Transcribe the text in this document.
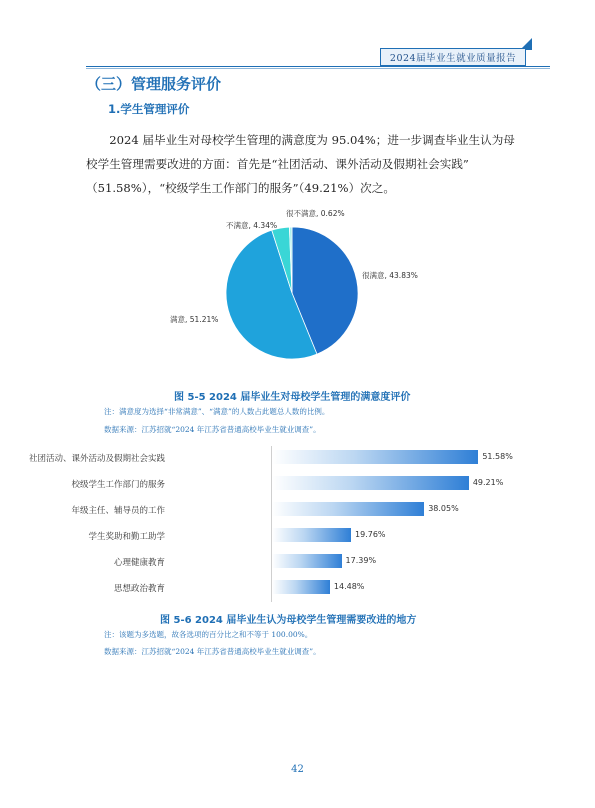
2024届毕业生就业质量报告
（三）管理服务评价
1.学生管理评价

2024 届毕业生对母校学生管理的满意度为 95.04%；进一步调查毕业生认为母

校学生管理需要改进的方面：首先是“社团活动、课外活动及假期社会实践”

（51.58%），“校级学生工作部门的服务”（49.21%）次之。

很不满意, 0.62%
不满意, 4.34%
很满意, 43.83%
满意, 51.21%
图 5-5 2024 届毕业生对母校学生管理的满意度评价
注：满意度为选择“非常满意”、“满意”的人数占此题总人数的比例。
数据来源：江苏招就“2024 年江苏省普通高校毕业生就业调查”。
社团活动、课外活动及假期社会实践	51.58%
校级学生工作部门的服务	49.21%
年级主任、辅导员的工作	38.05%
学生奖助和勤工助学	19.76%
心理健康教育	17.39%
思想政治教育	14.48%
图 5-6 2024 届毕业生认为母校学生管理需要改进的地方
注：该题为多选题，故各选项的百分比之和不等于 100.00%。
数据来源：江苏招就“2024 年江苏省普通高校毕业生就业调查”。
42
